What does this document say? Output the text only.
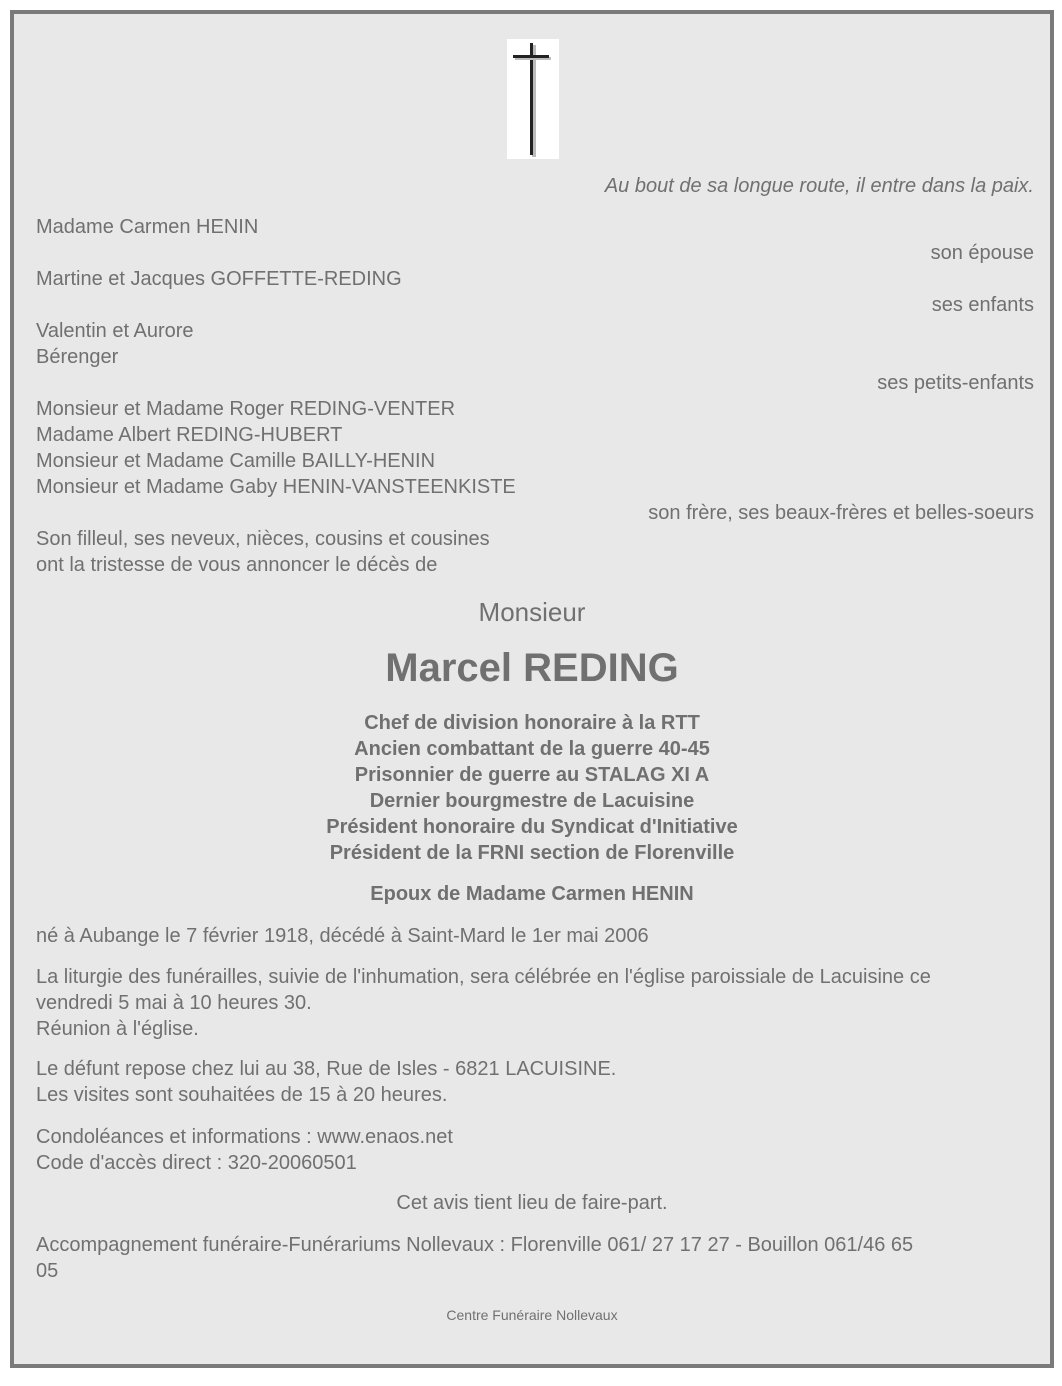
Au bout de sa longue route, il entre dans la paix.
Madame Carmen HENIN
son épouse
Martine et Jacques GOFFETTE-REDING
ses enfants
Valentin et Aurore
Bérenger
ses petits-enfants
Monsieur et Madame Roger REDING-VENTER
Madame Albert REDING-HUBERT
Monsieur et Madame Camille BAILLY-HENIN
Monsieur et Madame Gaby HENIN-VANSTEENKISTE
son frère, ses beaux-frères et belles-soeurs
Son filleul, ses neveux, nièces, cousins et cousines
ont la tristesse de vous annoncer le décès de
Monsieur
Marcel REDING
Chef de division honoraire à la RTT
Ancien combattant de la guerre 40-45
Prisonnier de guerre au STALAG XI A
Dernier bourgmestre de Lacuisine
Président honoraire du Syndicat d'Initiative
Président de la FRNI section de Florenville
Epoux de Madame Carmen HENIN
né à Aubange le 7 février 1918, décédé à Saint-Mard le 1er mai 2006
La liturgie des funérailles, suivie de l'inhumation, sera célébrée en l'église paroissiale de Lacuisine ce
vendredi 5 mai à 10 heures 30.
Réunion à l'église.
Le défunt repose chez lui au 38, Rue de Isles - 6821 LACUISINE.
Les visites sont souhaitées de 15 à 20 heures.
Condoléances et informations : www.enaos.net
Code d'accès direct : 320-20060501
Cet avis tient lieu de faire-part.
Accompagnement funéraire-Funérariums Nollevaux : Florenville 061/ 27 17 27 - Bouillon 061/46 65
05
Centre Funéraire Nollevaux
